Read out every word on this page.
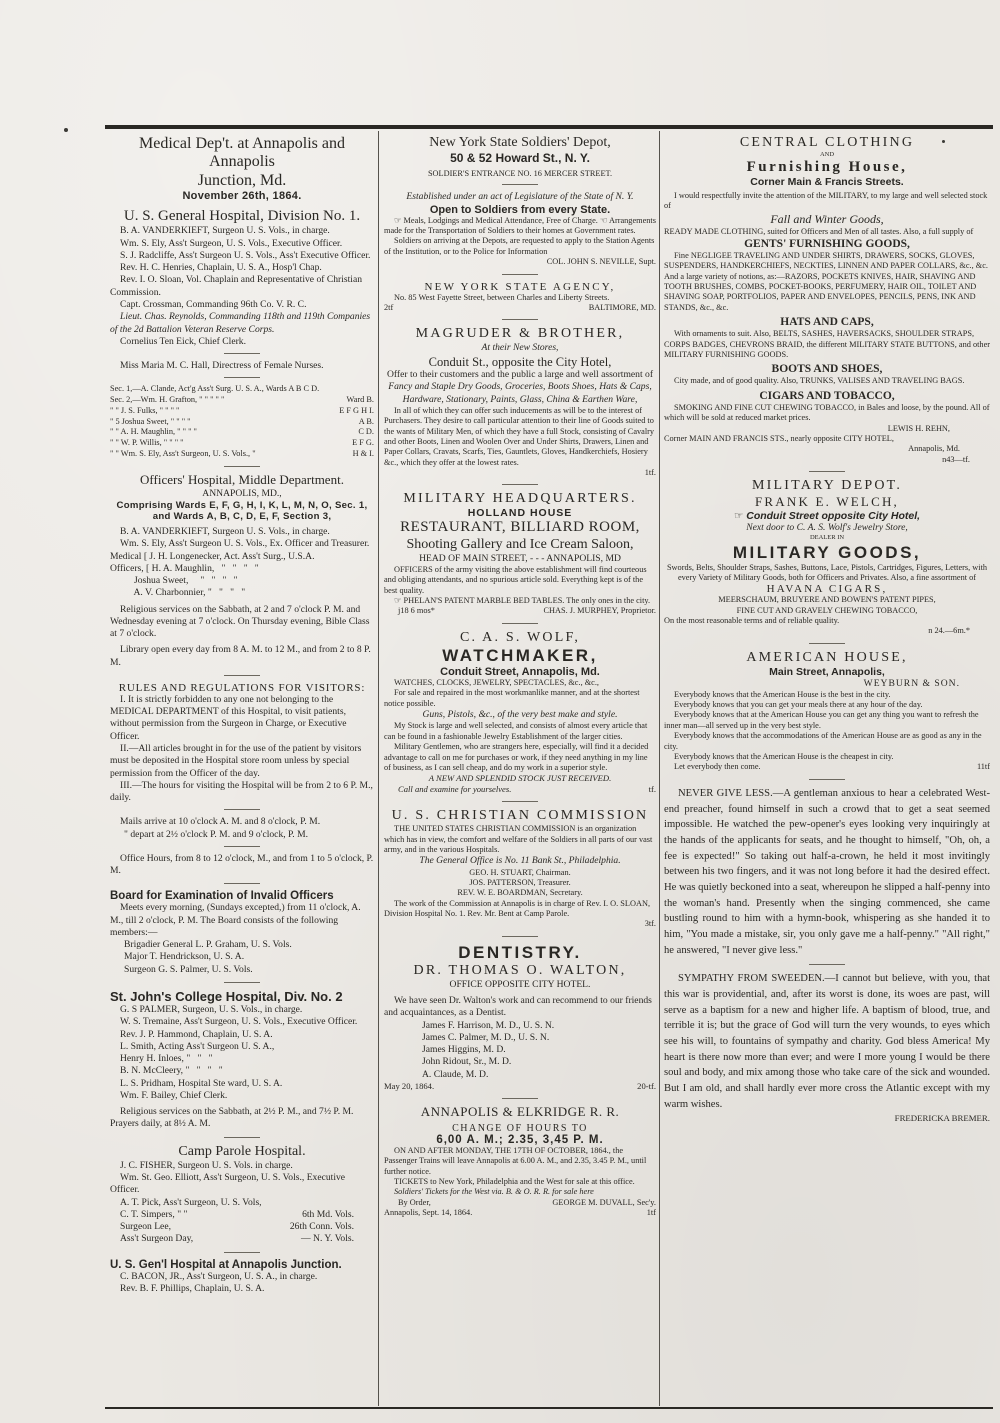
Medical Dep't. at Annapolis and Annapolis
Junction, Md.
November 26th, 1864.
U. S. General Hospital, Division No. 1.

B. A. VANDERKIEFT, Surgeon U. S. Vols., in charge.

Wm. S. Ely, Ass't Surgeon, U. S. Vols., Executive Officer.

S. J. Radcliffe, Ass't Surgeon U. S. Vols., Ass't Executive Officer.

Rev. H. C. Henries, Chaplain, U. S. A., Hosp'l Chap.

Rev. I. O. Sloan, Vol. Chaplain and Representative of Christian Commission.

Capt. Crossman, Commanding 96th Co. V. R. C.

Lieut. Chas. Reynolds, Commanding 118th and 119th Companies of the 2d Battalion Veteran Reserve Corps.

Cornelius Ten Eick, Chief Clerk.

Miss Maria M. C. Hall, Directress of Female Nurses.

Sec. 1,—A. Clande, Act'g Ass't Surg. U. S. A., Wards A B C D.
Sec. 2,—Wm. H. Grafton, " " " " "	Ward B.
" " J. S. Fulks, " " " "	E F G H I.
" 5 Joshua Sweet, " " " "	A B.
" " A. H. Maughlin, " " " "	C D.
" " W. P. Willis, " " " "	E F G.
" " Wm. S. Ely, Ass't Surgeon, U. S. Vols., "	H & I.
Officers' Hospital, Middle Department.
ANNAPOLIS, MD.,
Comprising Wards E, F, G, H, I, K, L, M, N, O, Sec. 1, and Wards A, B, C, D, E, F, Section 3,

B. A. VANDERKIEFT, Surgeon U. S. Vols., in charge.

Wm. S. Ely, Ass't Surgeon U. S. Vols., Ex. Officer and Treasurer.

Medical [ J. H. Longenecker, Act. Ass't Surg., U.S.A.

Officers, [ H. A. Maughlin,   "   "   "   "

Joshua Sweet,     "   "   "   "

A. V. Charbonnier, "   "   "   "

Religious services on the Sabbath, at 2 and 7 o'clock P. M. and Wednesday evening at 7 o'clock. On Thursday evening, Bible Class at 7 o'clock.

Library open every day from 8 A. M. to 12 M., and from 2 to 8 P. M.

RULES AND REGULATIONS FOR VISITORS:

I. It is strictly forbidden to any one not belonging to the MEDICAL DEPARTMENT of this Hospital, to visit patients, without permission from the Surgeon in Charge, or Executive Officer.

II.—All articles brought in for the use of the patient by visitors must be deposited in the Hospital store room unless by special permission from the Officer of the day.

III.—The hours for visiting the Hospital will be from 2 to 6 P. M., daily.

Mails arrive at 10 o'clock A. M. and 8 o'clock, P. M.

" depart at 2½ o'clock P. M. and 9 o'clock, P. M.

Office Hours, from 8 to 12 o'clock, M., and from 1 to 5 o'clock, P. M.

Board for Examination of Invalid Officers

Meets every morning, (Sundays excepted,) from 11 o'clock, A. M., till 2 o'clock, P. M. The Board consists of the following members:—

Brigadier General L. P. Graham, U. S. Vols.

Major T. Hendrickson, U. S. A.

Surgeon G. S. Palmer, U. S. Vols.

St. John's College Hospital, Div. No. 2

G. S PALMER, Surgeon, U. S. Vols., in charge.

W. S. Tremaine, Ass't Surgeon, U. S. Vols., Executive Officer.

Rev. J. P. Hammond, Chaplain, U. S. A.

L. Smith, Acting Ass't Surgeon U. S. A.,

Henry H. Inloes, "   "   "

B. N. McCleery, "   "   "   "

L. S. Pridham, Hospital Ste ward, U. S. A.

Wm. F. Bailey, Chief Clerk.

Religious services on the Sabbath, at 2½ P. M., and 7½ P. M. Prayers daily, at 8½ A. M.

Camp Parole Hospital.

J. C. FISHER, Surgeon U. S. Vols. in charge.

Wm. St. Geo. Elliott, Ass't Surgeon, U. S. Vols., Executive Officer.

A. T. Pick, Ass't Surgeon, U. S. Vols,

C. T. Simpers, " "	6th Md. Vols.
Surgeon Lee,	26th Conn. Vols.
Ass't Surgeon Day,	— N. Y. Vols.
U. S. Gen'l Hospital at Annapolis Junction.

C. BACON, JR., Ass't Surgeon, U. S. A., in charge.

Rev. B. F. Phillips, Chaplain, U. S. A.

New York State Soldiers' Depot,
50 & 52 Howard St., N. Y.
SOLDIER'S ENTRANCE NO. 16 MERCER STREET.
Established under an act of Legislature of the State of N. Y.
Open to Soldiers from every State.

☞ Meals, Lodgings and Medical Attendance, Free of Charge. ☜ Arrangements made for the Transportation of Soldiers to their homes at Government rates.

Soldiers on arriving at the Depots, are requested to apply to the Station Agents of the Institution, or to the Police for Information

COL. JOHN S. NEVILLE, Supt.

NEW YORK STATE AGENCY,

No. 85 West Fayette Street, between Charles and Liberty Streets.

2tf	BALTIMORE, MD.
MAGRUDER & BROTHER,
At their New Stores,
Conduit St., opposite the City Hotel,
Offer to their customers and the public a large and well assortment of
Fancy and Staple Dry Goods, Groceries, Boots Shoes, Hats & Caps, Hardware, Stationary, Paints, Glass, China & Earthen Ware,

In all of which they can offer such inducements as will be to the interest of Purchasers. They desire to call particular attention to their line of Goods suited to the wants of Military Men, of which they have a full Stock, consisting of Cavalry and other Boots, Linen and Woolen Over and Under Shirts, Drawers, Linen and Paper Collars, Cravats, Scarfs, Ties, Gauntlets, Gloves, Handkerchiefs, Hosiery &c., which they offer at the lowest rates.

1tf.

MILITARY HEADQUARTERS.
HOLLAND HOUSE
RESTAURANT, BILLIARD ROOM,
Shooting Gallery and Ice Cream Saloon,
HEAD OF MAIN STREET, - - - ANNAPOLIS, MD

OFFICERS of the army visiting the above establishment will find courteous and obliging attendants, and no spurious article sold. Everything kept is of the best quality.

☞ PHELAN'S PATENT MARBLE BED TABLES. The only ones in the city.

j18 6 mos*	CHAS. J. MURPHEY, Proprietor.
C. A. S. WOLF,
WATCHMAKER,
Conduit Street, Annapolis, Md.

WATCHES, CLOCKS, JEWELRY, SPECTACLES, &c., &c.,

For sale and repaired in the most workmanlike manner, and at the shortest notice possible.

Guns, Pistols, &c., of the very best make and style.

My Stock is large and well selected, and consists of almost every article that can be found in a fashionable Jewelry Establishment of the larger cities.

Military Gentlemen, who are strangers here, especially, will find it a decided advantage to call on me for purchases or work, if they need anything in my line of business, as I can sell cheap, and do my work in a superior style.

A NEW AND SPLENDID STOCK JUST RECEIVED.
Call and examine for yourselves.	tf.
U. S. CHRISTIAN COMMISSION

THE UNITED STATES CHRISTIAN COMMISSION is an organization which has in view, the comfort and welfare of the Soldiers in all parts of our vast army, and in the various Hospitals.

The General Office is No. 11 Bank St., Philadelphia.
GEO. H. STUART, Chairman.
JOS. PATTERSON, Treasurer.
REV. W. E. BOARDMAN, Secretary.

The work of the Commission at Annapolis is in charge of Rev. I. O. SLOAN, Division Hospital No. 1. Rev. Mr. Bent at Camp Parole.

3tf.

DENTISTRY.
DR. THOMAS O. WALTON,
OFFICE OPPOSITE CITY HOTEL.

We have seen Dr. Walton's work and can recommend to our friends and acquaintances, as a Dentist.

James F. Harrison, M. D., U. S. N.

James C. Palmer, M. D., U. S. N.

James Higgins, M. D.

John Ridout, Sr., M. D.

A. Claude, M. D.

May 20, 1864.	20-tf.
ANNAPOLIS & ELKRIDGE R. R.
CHANGE OF HOURS TO
6,00 A. M.; 2.35, 3,45 P. M.

ON AND AFTER MONDAY, THE 17TH OF OCTOBER, 1864., the Passenger Trains will leave Annapolis at 6.00 A. M., and 2.35, 3.45 P. M., until further notice.

TICKETS to New York, Philadelphia and the West for sale at this office.

Soldiers' Tickets for the West via. B. & O. R. R. for sale here

By Order,	GEORGE M. DUVALL, Sec'y.
Annapolis, Sept. 14, 1864.	1tf
CENTRAL CLOTHING
AND
Furnishing House,
Corner Main & Francis Streets.

I would respectfully invite the attention of the MILITARY, to my large and well selected stock of

Fall and Winter Goods,

READY MADE CLOTHING, suited for Officers and Men of all tastes. Also, a full supply of

GENTS' FURNISHING GOODS,

Fine NEGLIGEE TRAVELING AND UNDER SHIRTS, DRAWERS, SOCKS, GLOVES, SUSPENDERS, HANDKERCHIEFS, NECKTIES, LINNEN AND PAPER COLLARS, &c., &c. And a large variety of notions, as:—RAZORS, POCKETS KNIVES, HAIR, SHAVING AND TOOTH BRUSHES, COMBS, POCKET-BOOKS, PERFUMERY, HAIR OIL, TOILET AND SHAVING SOAP, PORTFOLIOS, PAPER AND ENVELOPES, PENCILS, PENS, INK AND STANDS, &c., &c.

HATS AND CAPS,

With ornaments to suit. Also, BELTS, SASHES, HAVERSACKS, SHOULDER STRAPS, CORPS BADGES, CHEVRONS BRAID, the different MILITARY STATE BUTTONS, and other MILITARY FURNISHING GOODS.

BOOTS AND SHOES,

City made, and of good quality. Also, TRUNKS, VALISES AND TRAVELING BAGS.

CIGARS AND TOBACCO,

SMOKING AND FINE CUT CHEWING TOBACCO, in Bales and loose, by the pound. All of which will be sold at reduced market prices.

LEWIS H. REHN,

Corner MAIN AND FRANCIS STS., nearly opposite CITY HOTEL,

Annapolis, Md.

n43—tf.

MILITARY DEPOT.
FRANK E. WELCH,
☞ Conduit Street opposite City Hotel,
Next door to C. A. S. Wolf's Jewelry Store,
DEALER IN
MILITARY GOODS,
Swords, Belts, Shoulder Straps, Sashes, Buttons, Lace, Pistols, Cartridges, Figures, Letters, with every Variety of Military Goods, both for Officers and Privates. Also, a fine assortment of
HAVANA CIGARS,
MEERSCHAUM, BRUYERE AND BOWEN'S PATENT PIPES,
FINE CUT AND GRAVELY CHEWING TOBACCO,

On the most reasonable terms and of reliable quality.

n 24.—6m.*

AMERICAN HOUSE,
Main Street, Annapolis,

WEYBURN & SON.

Everybody knows that the American House is the best in the city.

Everybody knows that you can get your meals there at any hour of the day.

Everybody knows that at the American House you can get any thing you want to refresh the inner man—all served up in the very best style.

Everybody knows that the accommodations of the American House are as good as any in the city.

Everybody knows that the American House is the cheapest in city.

Let everybody then come.	11tf
NEVER GIVE LESS.—A gentleman anxious to hear a celebrated West-end preacher, found himself in such a crowd that to get a seat seemed impossible. He watched the pew-opener's eyes looking very inquiringly at the hands of the applicants for seats, and he thought to himself, "Oh, oh, a fee is expected!" So taking out half-a-crown, he held it most invitingly between his two fingers, and it was not long before it had the desired effect. He was quietly beckoned into a seat, whereupon he slipped a half-penny into the woman's hand. Presently when the singing commenced, she came bustling round to him with a hymn-book, whispering as she handed it to him, "You made a mistake, sir, you only gave me a half-penny." "All right," he answered, "I never give less."
SYMPATHY FROM SWEEDEN.—I cannot but believe, with you, that this war is providential, and, after its worst is done, its woes are past, will serve as a baptism for a new and higher life. A baptism of blood, true, and terrible it is; but the grace of God will turn the very wounds, to eyes which see his will, to fountains of sympathy and charity. God bless America! My heart is there now more than ever; and were I more young I would be there soul and body, and mix among those who take care of the sick and wounded. But I am old, and shall hardly ever more cross the Atlantic except with my warm wishes.
FREDERICKA BREMER.
